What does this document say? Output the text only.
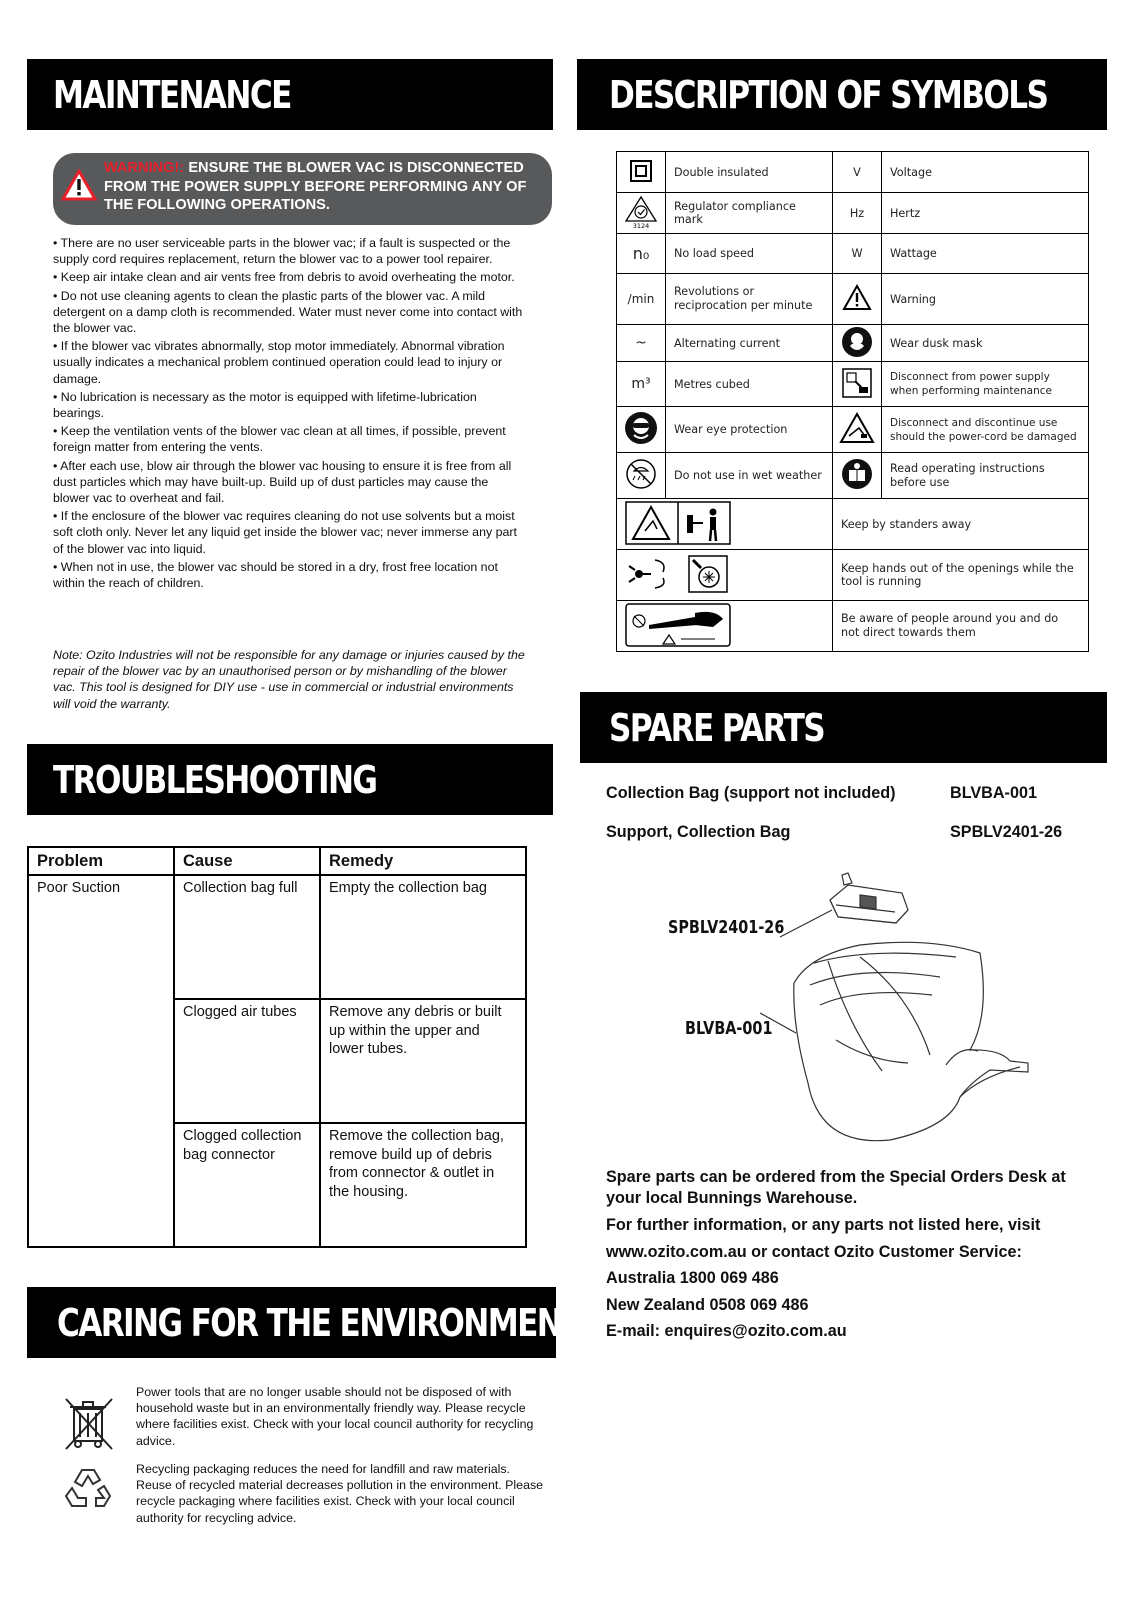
MAINTENANCE
WARNING!: ENSURE THE BLOWER VAC IS DISCONNECTED FROM THE POWER SUPPLY BEFORE PERFORMING ANY OF THE FOLLOWING OPERATIONS.

• There are no user serviceable parts in the blower vac; if a fault is suspected or the supply cord requires replacement, return the blower vac to a power tool repairer.

• Keep air intake clean and air vents free from debris to avoid overheating the motor.

• Do not use cleaning agents to clean the plastic parts of the blower vac. A mild detergent on a damp cloth is recommended. Water must never come into contact with the blower vac.

• If the blower vac vibrates abnormally, stop motor immediately. Abnormal vibration usually indicates a mechanical problem continued operation could lead to injury or damage.

• No lubrication is necessary as the motor is equipped with lifetime-lubrication bearings.

• Keep the ventilation vents of the blower vac clean at all times, if possible, prevent foreign matter from entering the vents.

• After each use, blow air through the blower vac housing to ensure it is free from all dust particles which may have built-up. Build up of dust particles may cause the blower vac to overheat and fail.

• If the enclosure of the blower vac requires cleaning do not use solvents but a moist soft cloth only. Never let any liquid get inside the blower vac; never immerse any part of the blower vac into liquid.

• When not in use, the blower vac should be stored in a dry, frost free location not within the reach of children.

Note: Ozito Industries will not be responsible for any damage or injuries caused by the repair of the blower vac by an unauthorised person or by mishandling of the blower vac. This tool is designed for DIY use - use in commercial or industrial environments will void the warranty.
TROUBLESHOOTING
Problem	Cause	Remedy
Poor Suction	Collection bag full	Empty the collection bag
	Clogged air tubes	Remove any debris or built up within the upper and lower tubes.
	Clogged collection bag connector	Remove the collection bag, remove build up of debris from connector & outlet in the housing.
CARING FOR THE ENVIRONMENT
Power tools that are no longer usable should not be disposed of with household waste but in an environmentally friendly way. Please recycle where facilities exist. Check with your local council authority for recycling advice.
Recycling packaging reduces the need for landfill and raw materials. Reuse of recycled material decreases pollution in the environment. Please recycle packaging where facilities exist. Check with your local council authority for recycling advice.
DESCRIPTION OF SYMBOLS
	Double insulated	V	Voltage

3124	Regulator compliance mark	Hz	Hertz
n₀	No load speed	W	Wattage
/min	Revolutions or reciprocation per minute		Warning
~	Alternating current		Wear dusk mask
m³	Metres cubed		Disconnect from power supply when performing maintenance
	Wear eye protection		Disconnect and discontinue use should the power-cord be damaged
	Do not use in wet weather		Read operating instructions before use
	Keep by standers away	
	Keep hands out of the openings while the tool is running	
	Be aware of people around you and do not direct towards them	
SPARE PARTS
Collection Bag (support not included)	BLVBA-001
Support, Collection Bag	SPBLV2401-26
SPBLV2401-26
BLVBA-001

Spare parts can be ordered from the Special Orders Desk at your local Bunnings Warehouse.

For further information, or any parts not listed here, visit www.ozito.com.au or contact Ozito Customer Service:

Australia 1800 069 486

New Zealand 0508 069 486

E-mail: enquires@ozito.com.au
